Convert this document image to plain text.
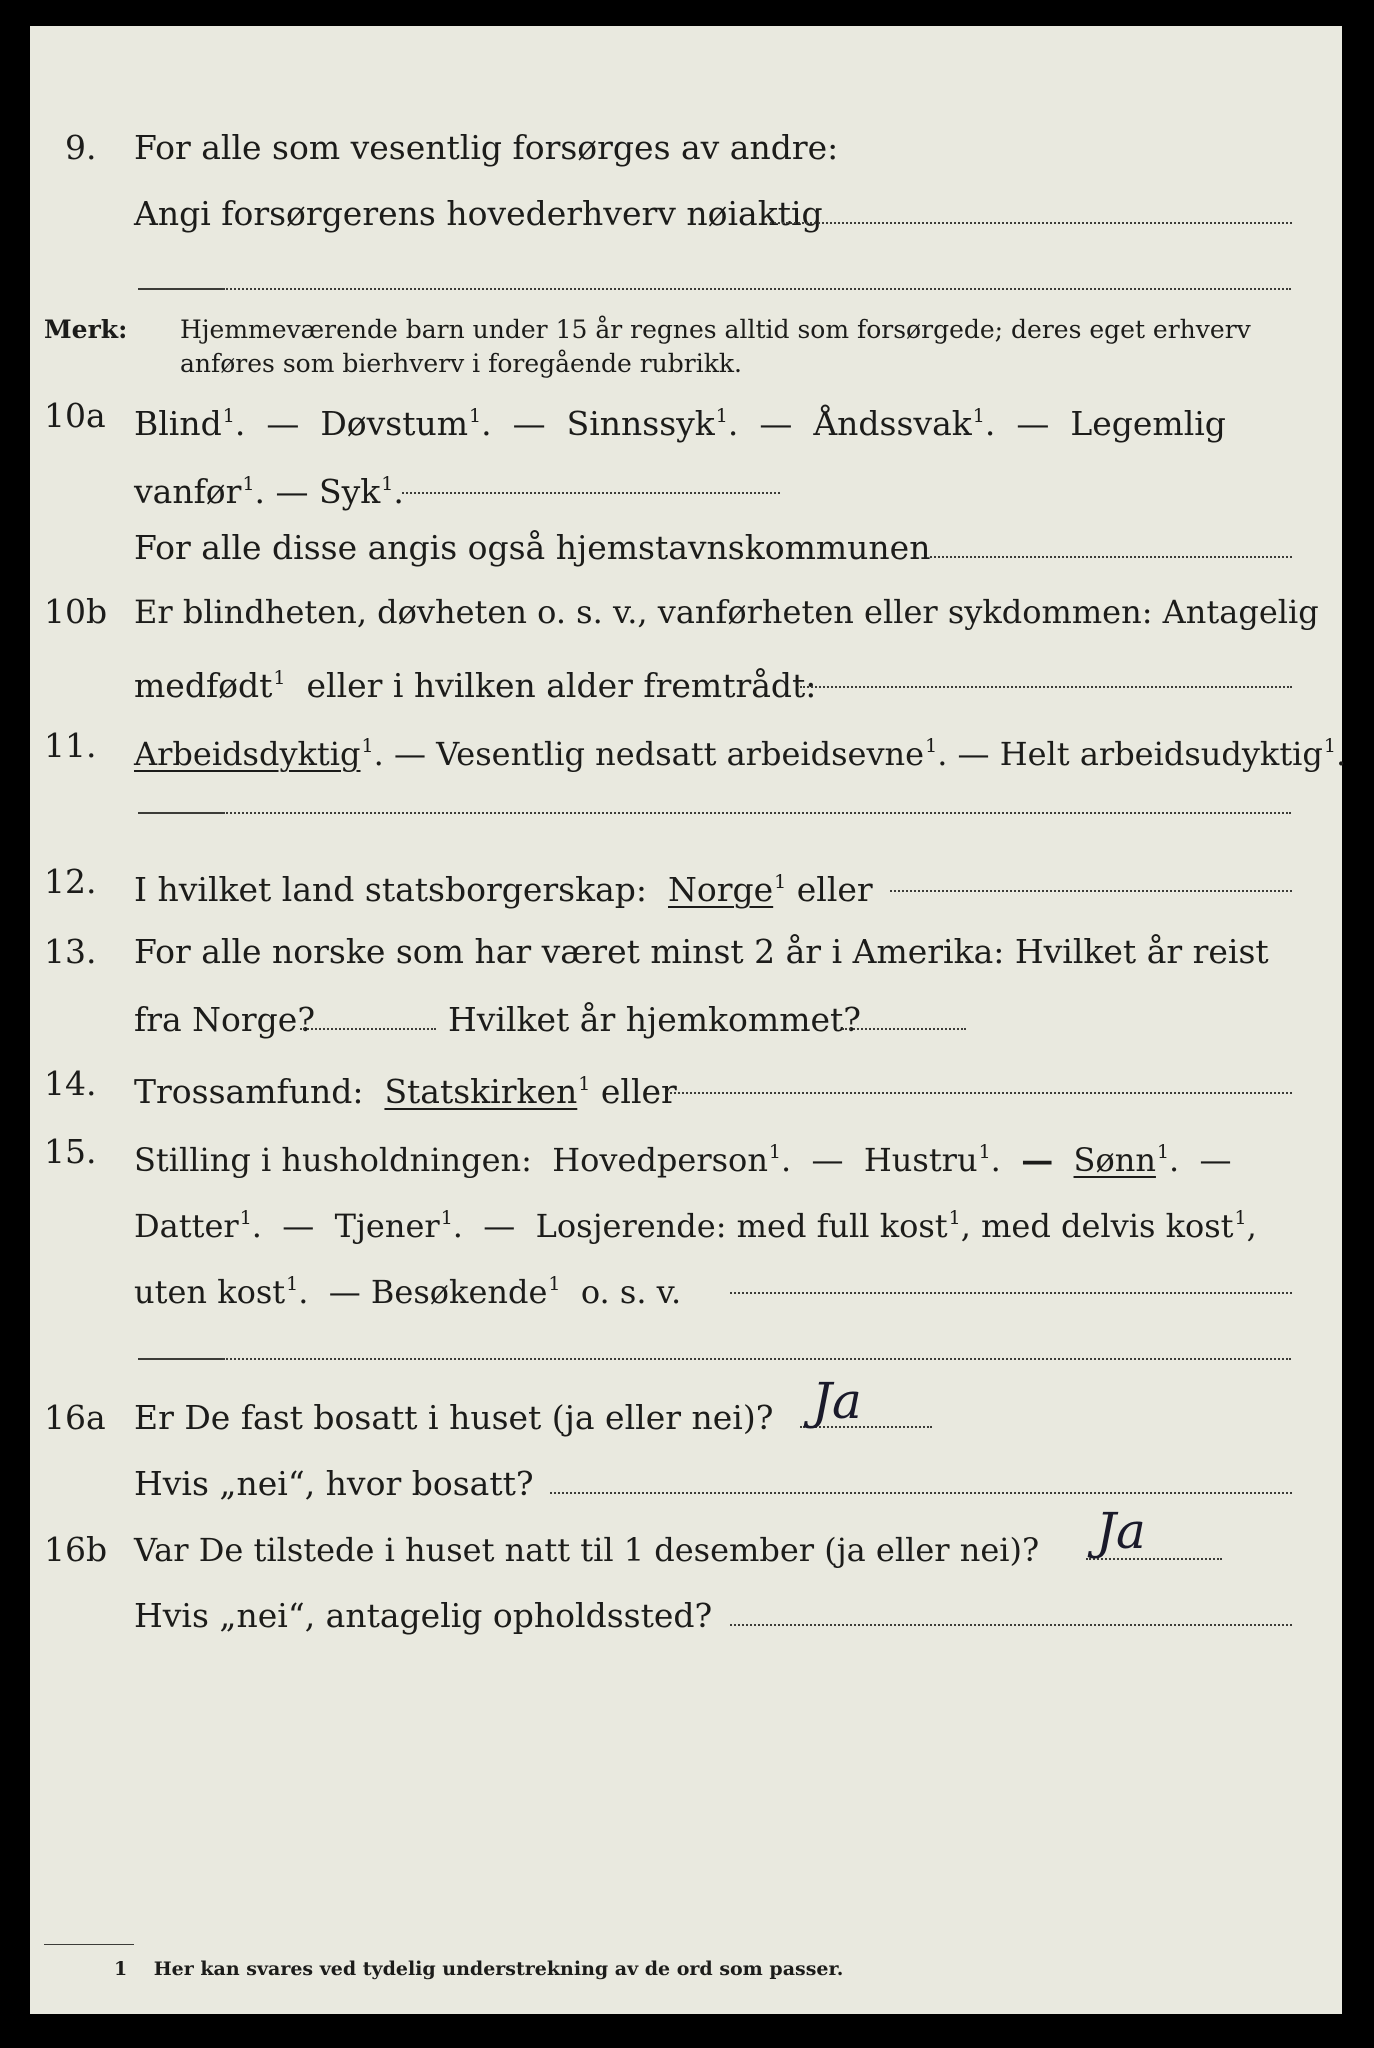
9. For alle som vesentlig forsørges av andre:
Angi forsørgerens hovederhverv nøiaktig
Merk: Hjemmeværende barn under 15 år regnes alltid som forsørgede; deres eget erhverv
anføres som bierhverv i foregående rubrikk.
10a Blind$^1$.  — Døvstum$^1$.  — Sinnssyk$^1$.  — Åndssvak$^1$.  — Legemlig
vanfør$^1$. — Syk$^1$.
For alle disse angis også hjemstavnskommunen
10b Er blindheten, døvheten o. s. v., vanførheten eller sykdommen: Antagelig
medfødt$^1$ eller i hvilken alder fremtrådt:
11. Arbeidsdyktig$^1$. — Vesentlig nedsatt arbeidsevne$^1$. — Helt arbeidsudyktig$^1$.
12. I hvilket land statsborgerskap: Norge$^1$ eller
13. For alle norske som har været minst 2 år i Amerika: Hvilket år reist
fra Norge?	Hvilket år hjemkommet?
14. Trossamfund: Statskirken$^1$ eller
15. Stilling i husholdningen: Hovedperson$^1$.  — Hustru$^1$.  — Sønn$^1$.  —
Datter$^1$.  — Tjener$^1$.  — Losjerende: med full kost$^1$, med delvis kost$^1$,
uten kost$^1$.  — Besøkende$^1$ o. s. v.
16a Er De fast bosatt i huset (ja eller nei)? Ja
Hvis „nei“, hvor bosatt?
16b Var De tilstede i huset natt til 1 desember (ja eller nei)? Ja
Hvis „nei“, antagelig opholdssted?
1 Her kan svares ved tydelig understrekning av de ord som passer.
